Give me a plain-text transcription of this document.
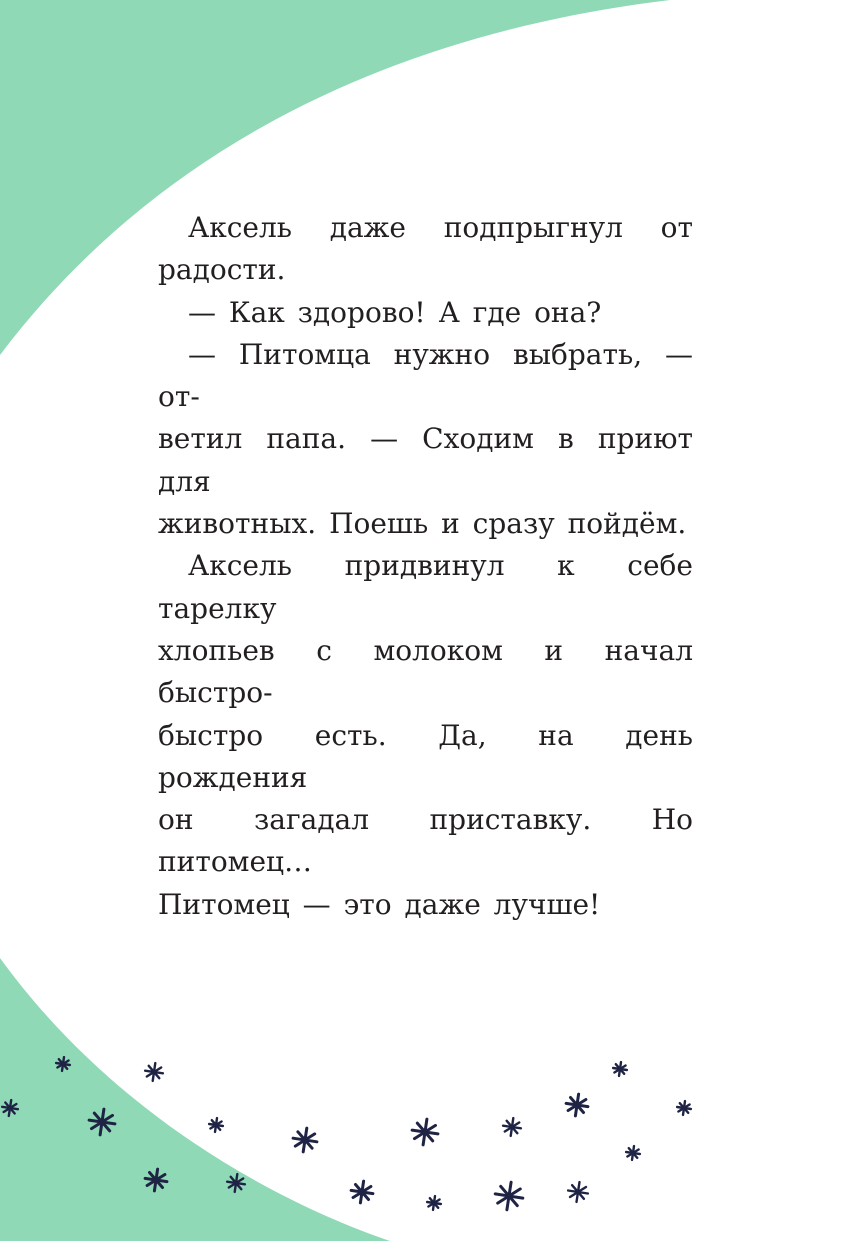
Аксель даже подпрыгнул от радости.

— Как здорово! А где она?

— Питомца нужно выбрать, — от-

ветил папа. — Сходим в приют для

животных. Поешь и сразу пойдём.

Аксель придвинул к себе тарелку

хлопьев с молоком и начал быстро-

быстро есть. Да, на день рождения

он загадал приставку. Но питомец…

Питомец — это даже лучше!
